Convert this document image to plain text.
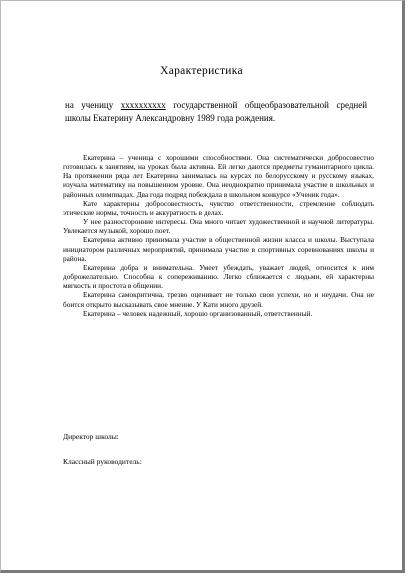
Характеристика
на ученицу хххххххххх государственной общеобразовательной средней школы Екатерину Александровну 1989 года рождения.

Екатерина – ученица с хорошими способностями. Она систематически добросовестно готовилась к занятиям, на уроках была активна. Ей легко даются предметы гуманитарного цикла. На протяжении ряда лет Екатерина занималась на курсах по белорусскому и русскому языках, изучала математику на повышенном уровне. Она неоднократно принимала участие в школьных и районных олимпиадах. Два года подряд побеждала в школьном конкурсе «Ученик года».

Кате характерны добросовестность, чувство ответственности, стремление соблюдать этические нормы, точность и аккуратность в делах.

У нее разносторонние интересы. Она много читает художественной и научной литературы. Увлекается музыкой, хорошо поет.

Екатерина активно принимала участие в общественной жизни класса и школы. Выступала инициатором различных мероприятий, принимала участие в спортивных соревнованиях школы и района.

Екатерина добра и внимательна. Умеет убеждать, уважает людей, относится к ним доброжелательно. Способна к сопереживанию. Легко сближается с людьми, ей характерны мягкость и простота в общении.

Екатерина самокритична, трезво оценивает не только свои успехи, но и неудачи. Она не боится открыто высказывать свое мнение. У Кати много друзей.

Екатерина – человек надежный, хорошо организованный, ответственный.

Директор школы:
Классный руководитель:
